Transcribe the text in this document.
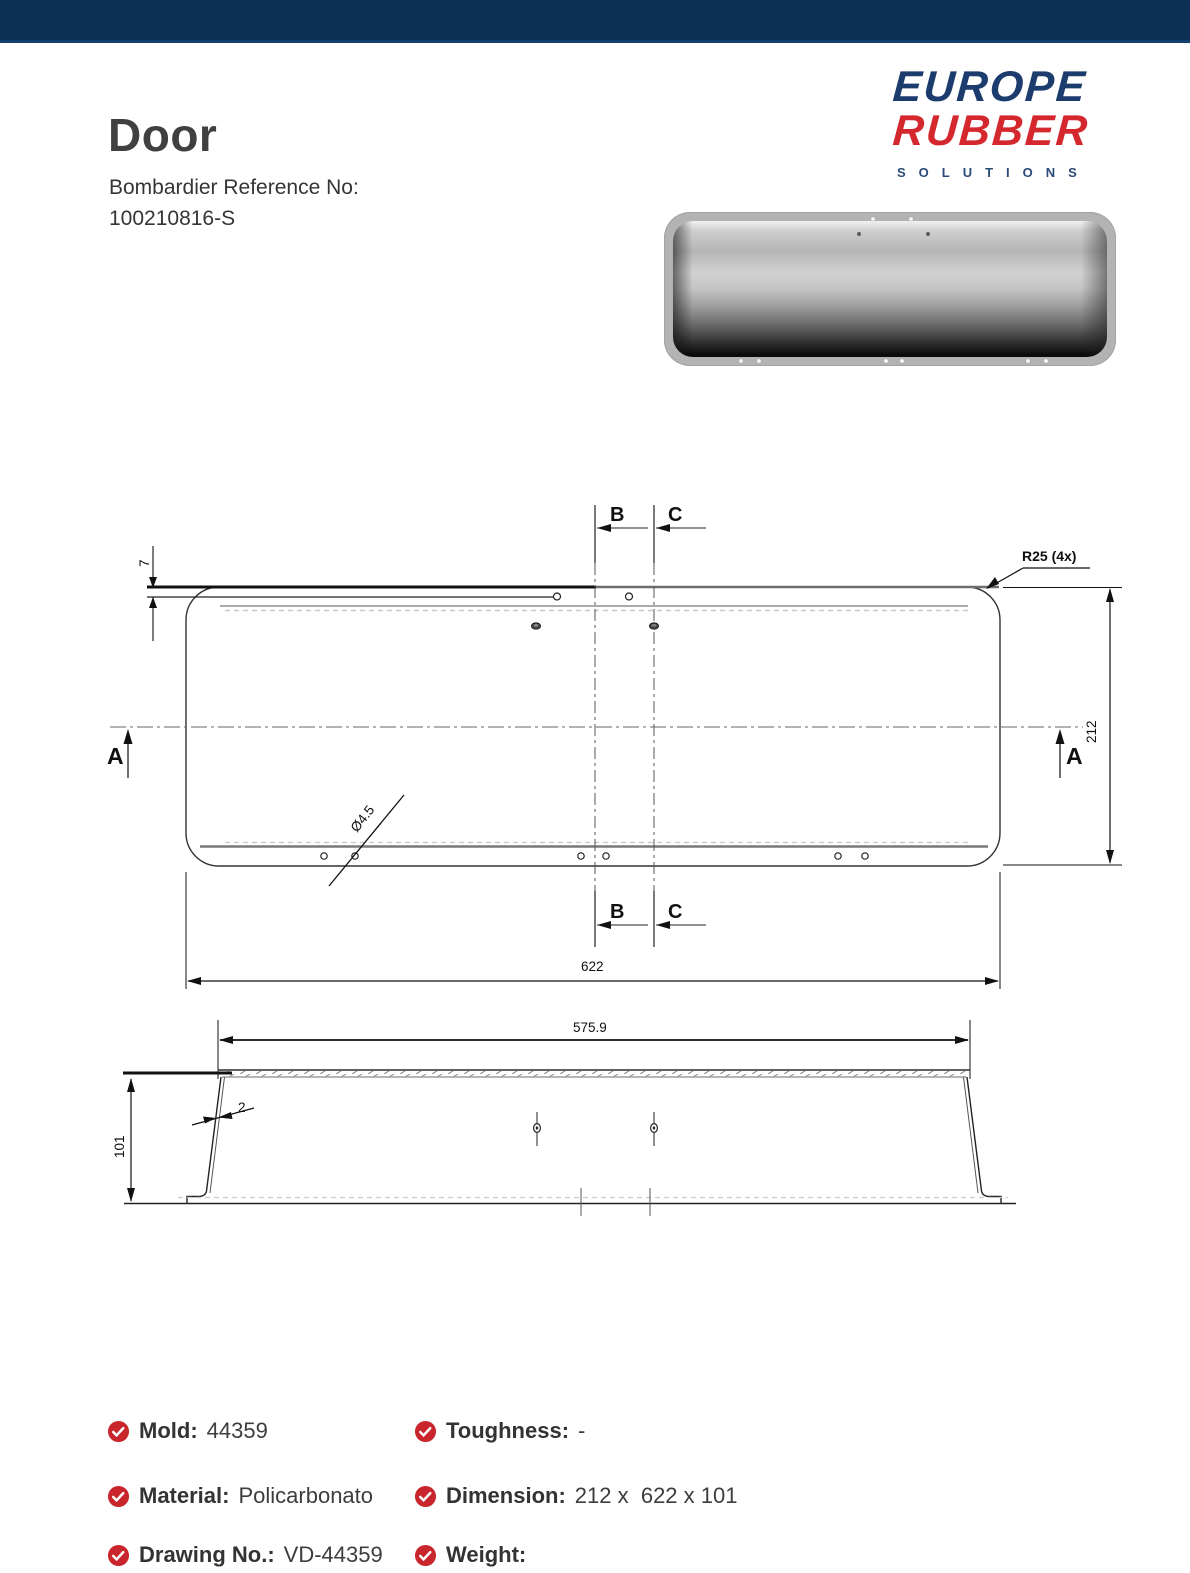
Door
Bombardier Reference No:
100210816-S
EUROPE
RUBBER
SOLUTIONS
B C
B C
A	A
R25 (4x)
212
622
7
Ø4.5
575.9
101
2
Mold: 44359	Toughness: -
Material: Policarbonato	Dimension: 212 x  622 x 101
Drawing No.: VD-44359	Weight:
